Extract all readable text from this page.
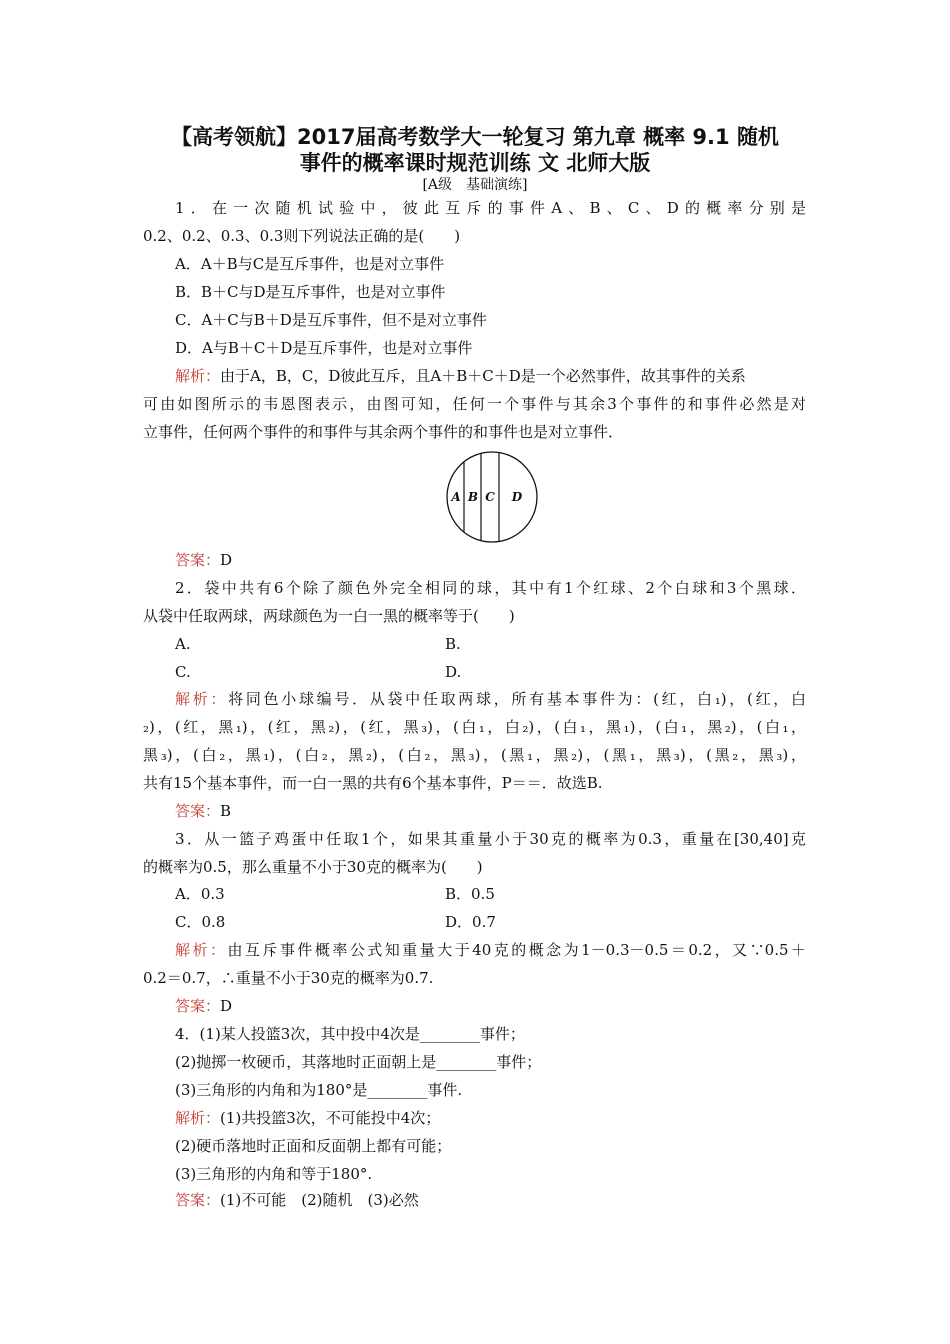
【高考领航】2017届高考数学大一轮复习 第九章 概率 9.1 随机
事件的概率课时规范训练 文 北师大版
[A级　基础演练]
1．在一次随机试验中，彼此互斥的事件A、B、C、D的概率分别是
0.2、0.2、0.3、0.3则下列说法正确的是(　　)
A．A＋B与C是互斥事件，也是对立事件
B．B＋C与D是互斥事件，也是对立事件
C．A＋C与B＋D是互斥事件，但不是对立事件
D．A与B＋C＋D是互斥事件，也是对立事件
解析：由于A，B，C，D彼此互斥，且A＋B＋C＋D是一个必然事件，故其事件的关系
可由如图所示的韦恩图表示，由图可知，任何一个事件与其余3个事件的和事件必然是对
立事件，任何两个事件的和事件与其余两个事件的和事件也是对立事件．
A B C D
答案：D
2．袋中共有6个除了颜色外完全相同的球，其中有1个红球、2个白球和3个黑球．
从袋中任取两球，两球颜色为一白一黑的概率等于(　　)
A.	B.
C.	D.
解析：将同色小球编号．从袋中任取两球，所有基本事件为：(红，白₁)，(红，白
₂)，(红，黑₁)，(红，黑₂)，(红，黑₃)，(白₁，白₂)，(白₁，黑₁)，(白₁，黑₂)，(白₁，
黑₃)，(白₂，黑₁)，(白₂，黑₂)，(白₂，黑₃)，(黑₁，黑₂)，(黑₁，黑₃)，(黑₂，黑₃)，
共有15个基本事件，而一白一黑的共有6个基本事件，P＝＝．故选B.
答案：B
3．从一篮子鸡蛋中任取1个，如果其重量小于30克的概率为0.3，重量在[30,40]克
的概率为0.5，那么重量不小于30克的概率为(　　)
A．0.3	B．0.5
C．0.8	D．0.7
解析：由互斥事件概率公式知重量大于40克的概念为1－0.3－0.5＝0.2，又∵0.5＋
0.2＝0.7，∴重量不小于30克的概率为0.7.
答案：D
4．(1)某人投篮3次，其中投中4次是________事件；
(2)抛掷一枚硬币，其落地时正面朝上是________事件；
(3)三角形的内角和为180°是________事件.
解析：(1)共投篮3次，不可能投中4次；
(2)硬币落地时正面和反面朝上都有可能；
(3)三角形的内角和等于180°.
答案：(1)不可能　(2)随机　(3)必然
